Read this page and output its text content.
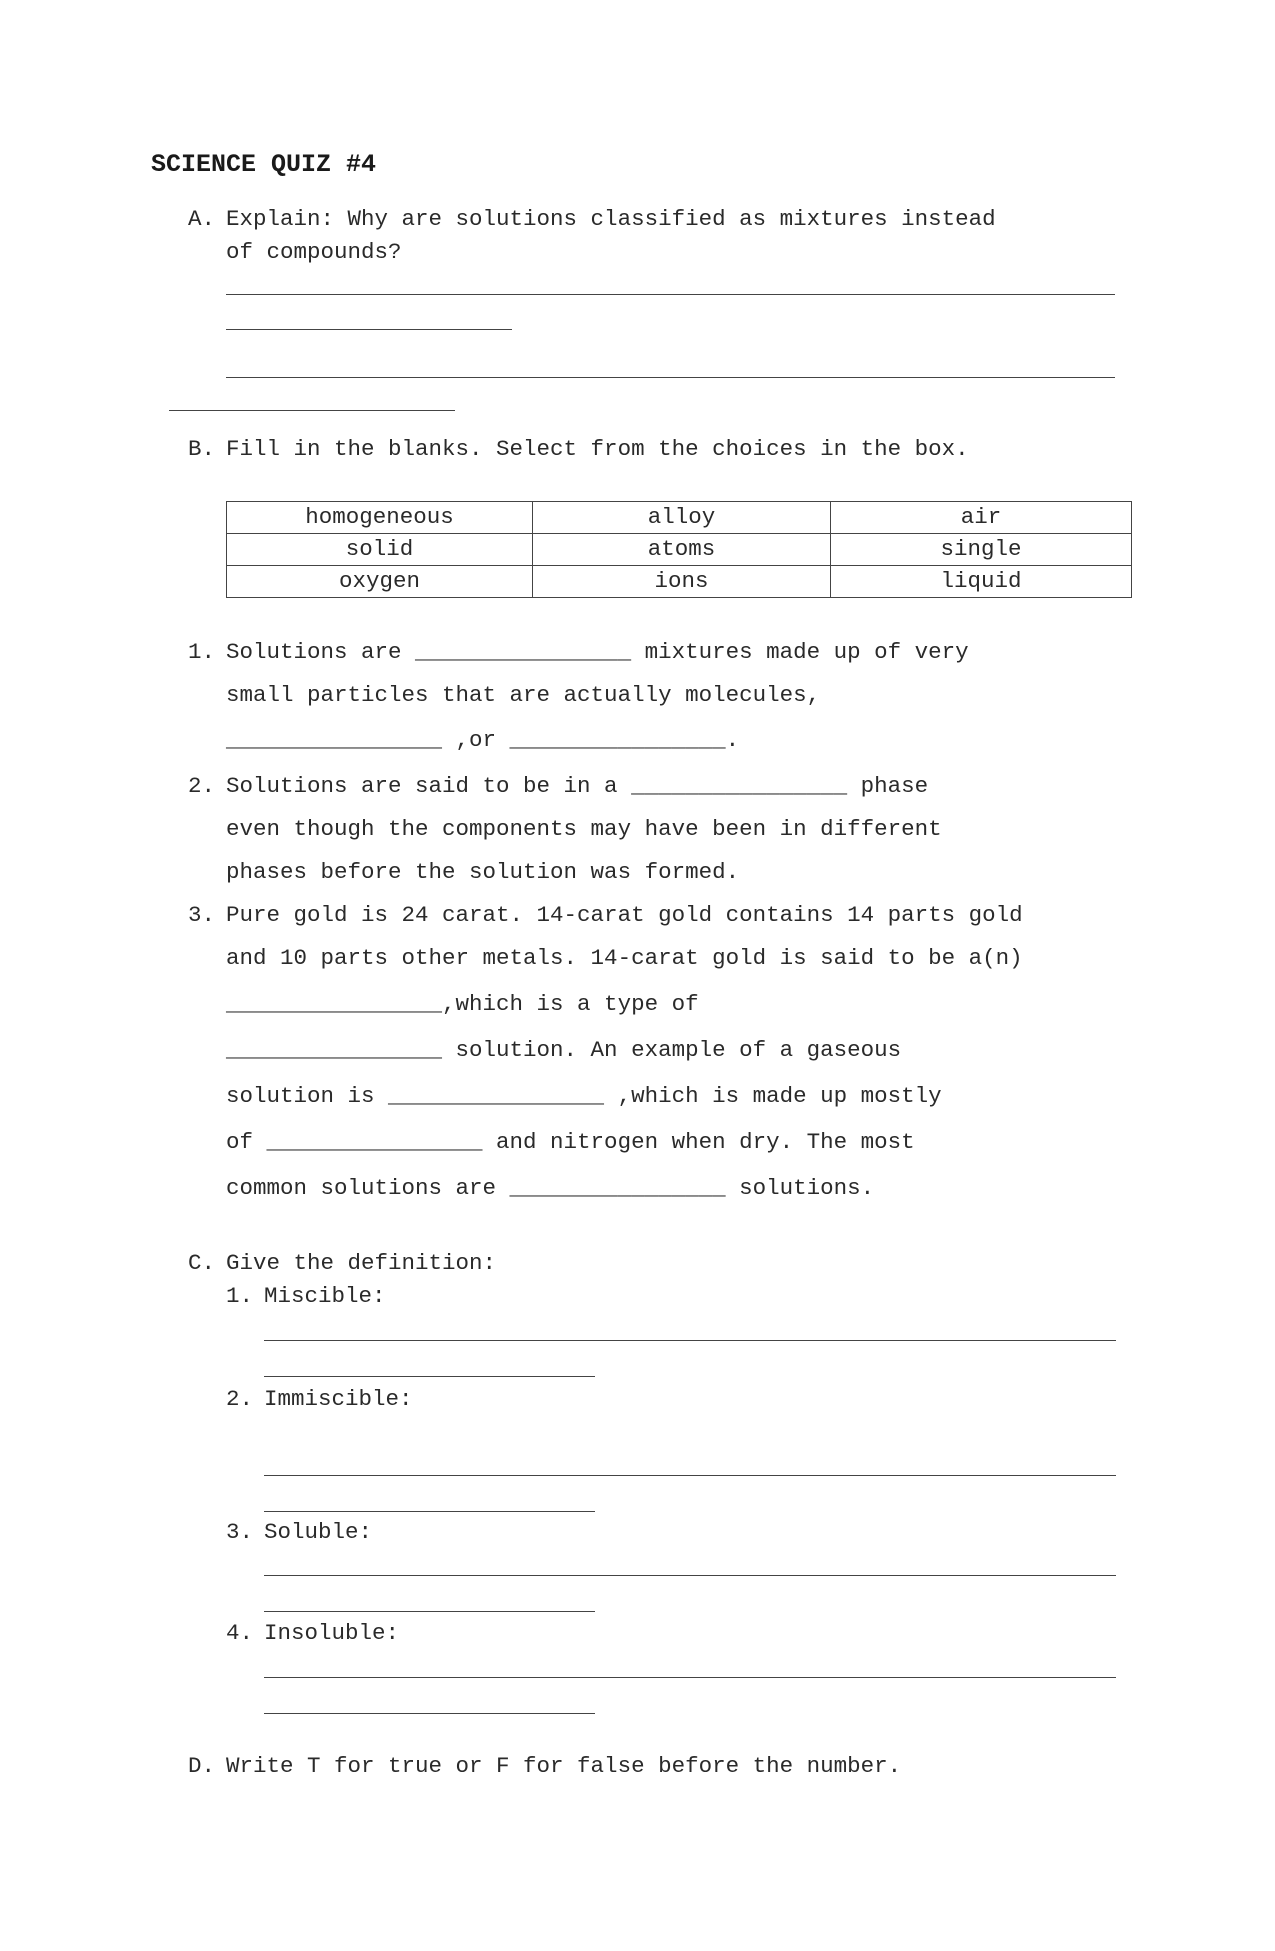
SCIENCE QUIZ #4
A. Explain: Why are solutions classified as mixtures instead
of compounds?
B. Fill in the blanks. Select from the choices in the box.
homogeneous	alloy	air
solid	atoms	single
oxygen	ions	liquid
1. Solutions are ________________ mixtures made up of very
small particles that are actually molecules,
________________ ,or ________________.
2. Solutions are said to be in a ________________ phase
even though the components may have been in different
phases before the solution was formed.
3. Pure gold is 24 carat. 14-carat gold contains 14 parts gold
and 10 parts other metals. 14-carat gold is said to be a(n)
________________,which is a type of
________________ solution. An example of a gaseous
solution is ________________ ,which is made up mostly
of ________________ and nitrogen when dry. The most
common solutions are ________________ solutions.
C. Give the definition:
1. Miscible:
2. Immiscible:
3. Soluble:
4. Insoluble:
D. Write T for true or F for false before the number.
